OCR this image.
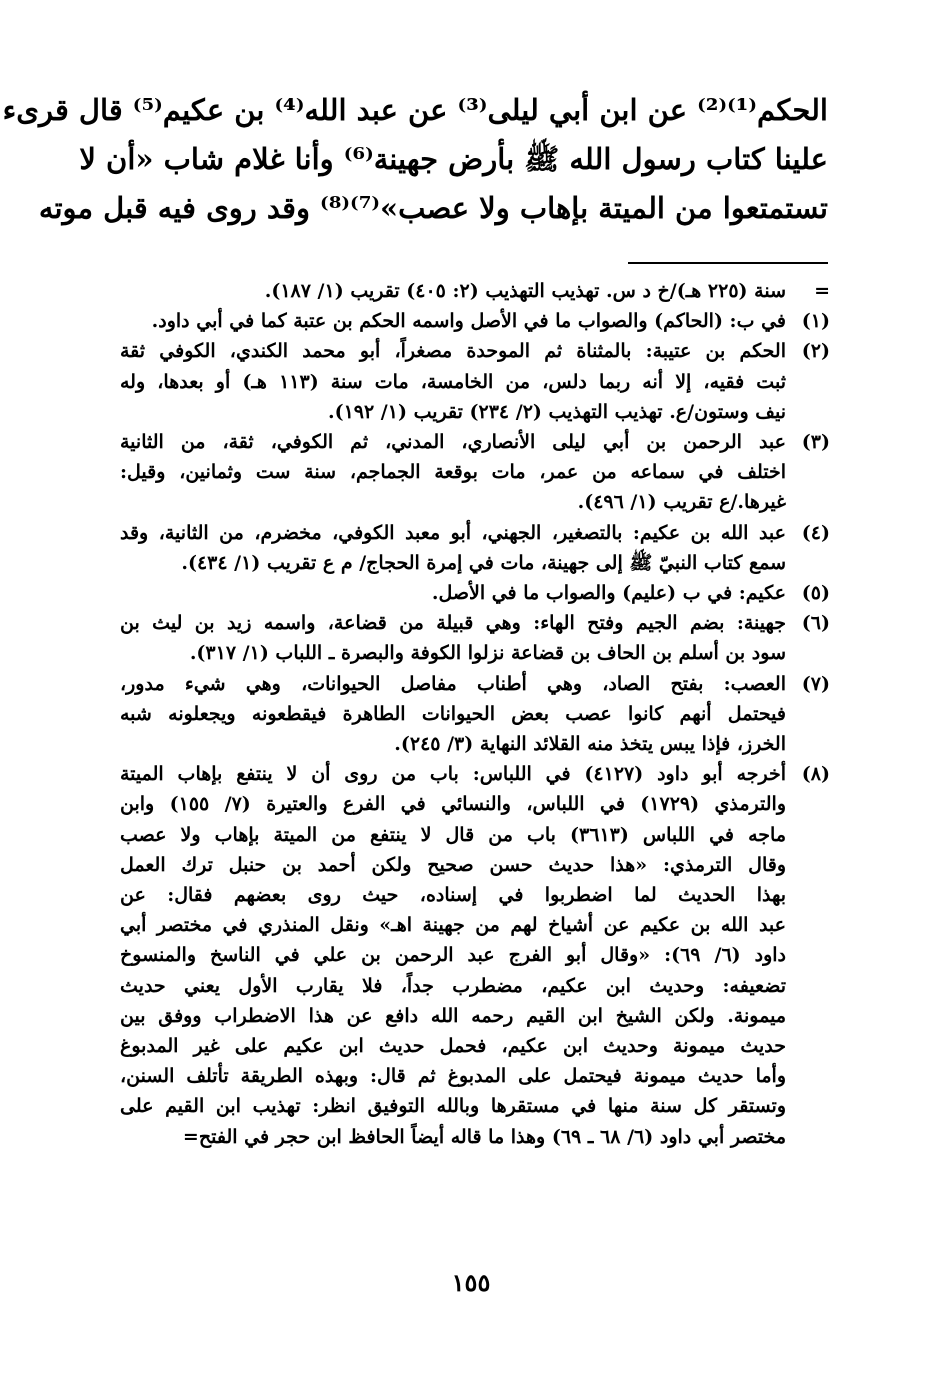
الحكم⁽¹⁾⁽²⁾ عن ابن أبي ليلى⁽³⁾ عن عبد الله⁽⁴⁾ بن عكيم⁽⁵⁾ قال قرىء
علينا كتاب رسول الله ﷺ بأرض جهينة⁽⁶⁾ وأنا غلام شاب «أن لا
تستمتعوا من الميتة بإهاب ولا عصب»⁽⁷⁾⁽⁸⁾ وقد روى فيه قبل موته
=
سنة (٢٢٥ هـ)/خ د س. تهذيب التهذيب (٢: ٤٠٥) تقريب (١/ ١٨٧).
(١)
في ب: (الحاكم) والصواب ما في الأصل واسمه الحكم بن عتبة كما في أبي داود.
(٢)
الحكم بن عتيبة: بالمثناة ثم الموحدة مصغراً، أبو محمد الكندي، الكوفي ثقة
ثبت فقيه، إلا أنه ربما دلس، من الخامسة، مات سنة (١١٣ هـ) أو بعدها، وله
نيف وستون/ع. تهذيب التهذيب (٢/ ٢٣٤) تقريب (١/ ١٩٢).
(٣)
عبد الرحمن بن أبي ليلى الأنصاري، المدني، ثم الكوفي، ثقة، من الثانية
اختلف في سماعه من عمر، مات بوقعة الجماجم، سنة ست وثمانين، وقيل:
غيرها./ع تقريب (١/ ٤٩٦).
(٤)
عبد الله بن عكيم: بالتصغير، الجهني، أبو معبد الكوفي، مخضرم، من الثانية، وقد
سمع كتاب النبيّ ﷺ إلى جهينة، مات في إمرة الحجاج/ م ع تقريب (١/ ٤٣٤).
(٥)
عكيم: في ب (عليم) والصواب ما في الأصل.
(٦)
جهينة: بضم الجيم وفتح الهاء: وهي قبيلة من قضاعة، واسمه زيد بن ليث بن
سود بن أسلم بن الحاف بن قضاعة نزلوا الكوفة والبصرة ـ اللباب (١/ ٣١٧).
(٧)
العصب: بفتح الصاد، وهي أطناب مفاصل الحيوانات، وهي شيء مدور،
فيحتمل أنهم كانوا عصب بعض الحيوانات الطاهرة فيقطعونه ويجعلونه شبه
الخرز، فإذا يبس يتخذ منه القلائد النهاية (٣/ ٢٤٥).
(٨)
أخرجه أبو داود (٤١٢٧) في اللباس: باب من روى أن لا ينتفع بإهاب الميتة
والترمذي (١٧٢٩) في اللباس، والنسائي في الفرع والعتيرة (٧/ ١٥٥) وابن
ماجه في اللباس (٣٦١٣) باب من قال لا ينتفع من الميتة بإهاب ولا عصب
وقال الترمذي: «هذا حديث حسن صحيح ولكن أحمد بن حنبل ترك العمل
بهذا الحديث لما اضطربوا في إسناده، حيث روى بعضهم فقال: عن
عبد الله بن عكيم عن أشياخ لهم من جهينة اهـ» ونقل المنذري في مختصر أبي
داود (٦/ ٦٩): «وقال أبو الفرج عبد الرحمن بن علي في الناسخ والمنسوخ
تضعيفه: وحديث ابن عكيم، مضطرب جداً، فلا يقارب الأول يعني حديث
ميمونة. ولكن الشيخ ابن القيم رحمه الله دافع عن هذا الاضطراب ووفق بين
حديث ميمونة وحديث ابن عكيم، فحمل حديث ابن عكيم على غير المدبوغ
وأما حديث ميمونة فيحتمل على المدبوغ ثم قال: وبهذه الطريقة تأتلف السنن،
وتستقر كل سنة منها في مستقرها وبالله التوفيق انظر: تهذيب ابن القيم على
مختصر أبي داود (٦/ ٦٨ ـ ٦٩) وهذا ما قاله أيضاً الحافظ ابن حجر في الفتح=
١٥٥
